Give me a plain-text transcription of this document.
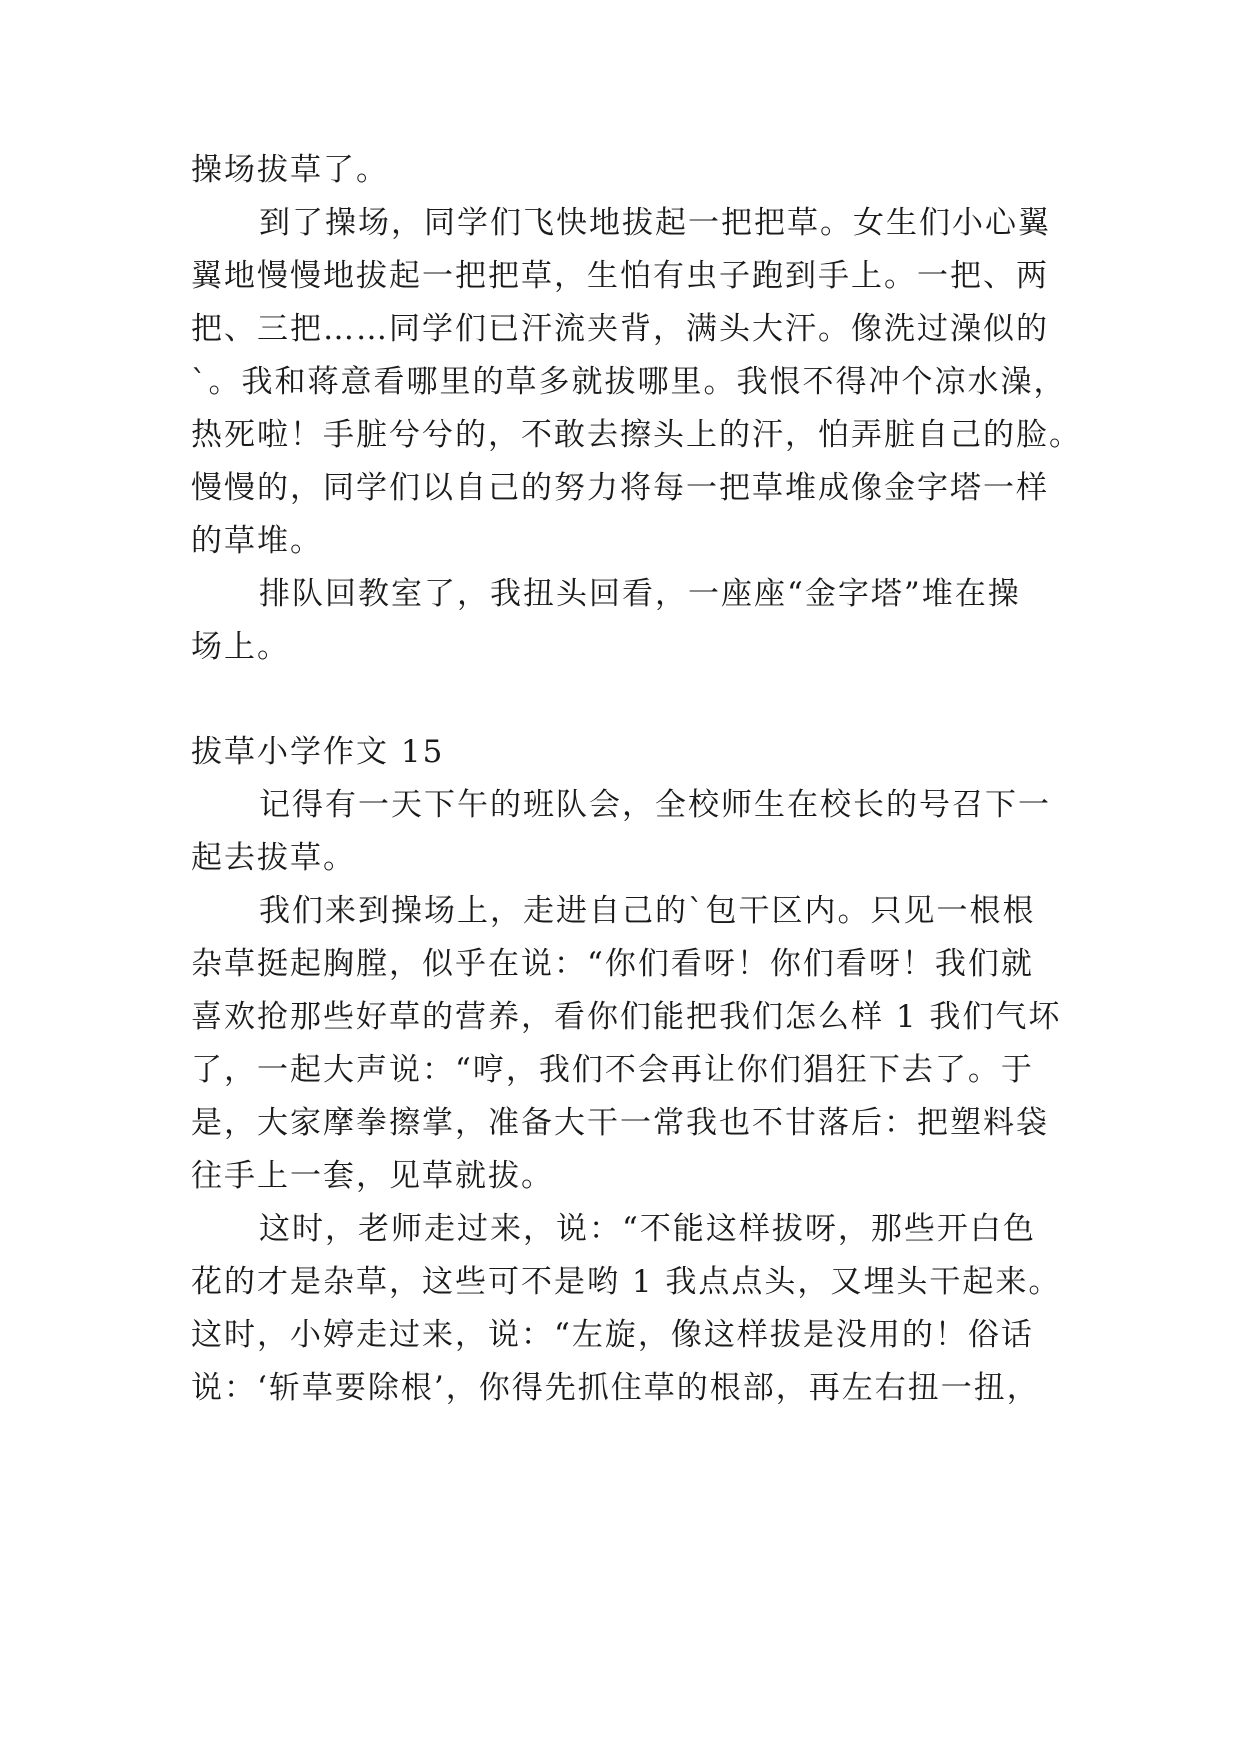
操场拔草了。
到了操场，同学们飞快地拔起一把把草。女生们小心翼
翼地慢慢地拔起一把把草，生怕有虫子跑到手上。一把、两
把、三把……同学们已汗流夹背，满头大汗。像洗过澡似的
`。我和蒋意看哪里的草多就拔哪里。我恨不得冲个凉水澡，
热死啦！手脏兮兮的，不敢去擦头上的汗，怕弄脏自己的脸。
慢慢的，同学们以自己的努力将每一把草堆成像金字塔一样
的草堆。
排队回教室了，我扭头回看，一座座“金字塔”堆在操
场上。
拔草小学作文 15
记得有一天下午的班队会，全校师生在校长的号召下一
起去拔草。
我们来到操场上，走进自己的`包干区内。只见一根根
杂草挺起胸膛，似乎在说：“你们看呀！你们看呀！我们就
喜欢抢那些好草的营养，看你们能把我们怎么样 1 我们气坏
了，一起大声说：“哼，我们不会再让你们猖狂下去了。于
是，大家摩拳擦掌，准备大干一常我也不甘落后：把塑料袋
往手上一套，见草就拔。
这时，老师走过来，说：“不能这样拔呀，那些开白色
花的才是杂草，这些可不是哟 1 我点点头，又埋头干起来。
这时，小婷走过来，说：“左旋，像这样拔是没用的！俗话
说：‘斩草要除根’，你得先抓住草的根部，再左右扭一扭，
